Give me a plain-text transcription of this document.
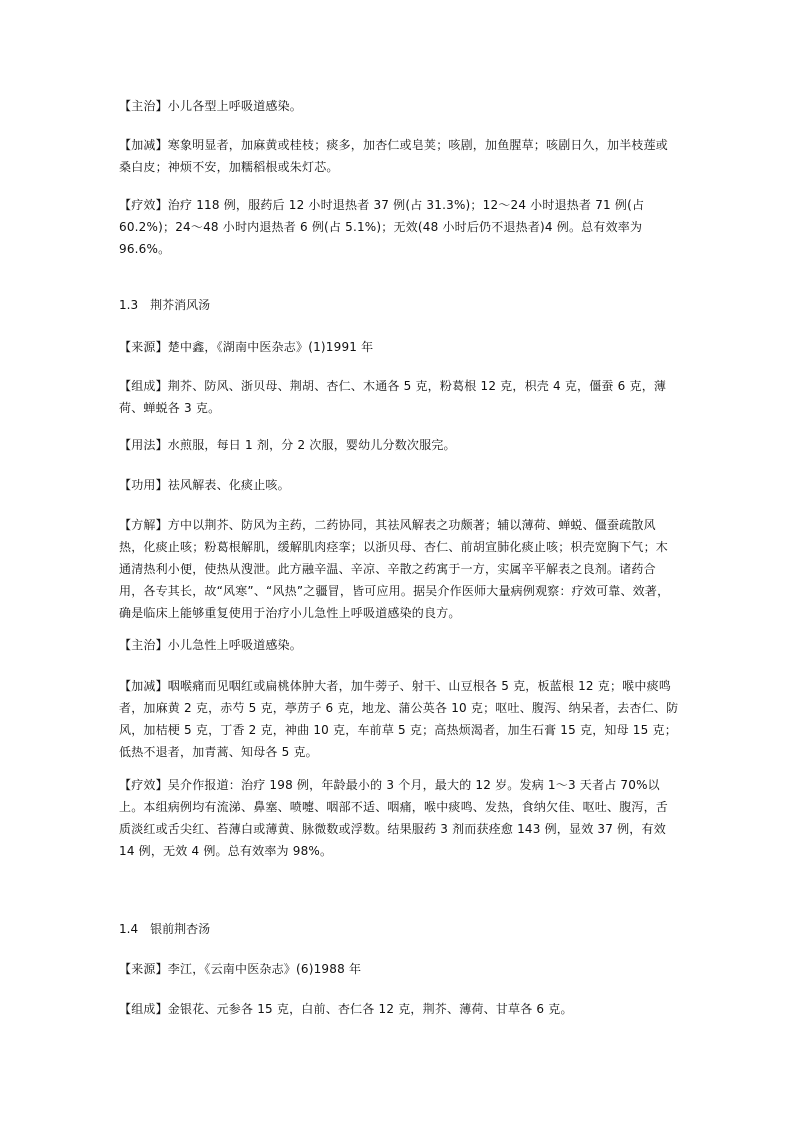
【主治】小儿各型上呼吸道感染。

【加减】寒象明显者，加麻黄或桂枝；痰多，加杏仁或皂荚；咳剧，加鱼腥草；咳剧日久，加半枝莲或桑白皮；神烦不安，加糯稻根或朱灯芯。

【疗效】治疗 118 例，服药后 12 小时退热者 37 例(占 31.3%)；12～24 小时退热者 71 例(占 60.2%)；24～48 小时内退热者 6 例(占 5.1%)；无效(48 小时后仍不退热者)4 例。总有效率为 96.6%。

1.3 荆芥消风汤

【来源】楚中鑫，《湖南中医杂志》(1)1991 年

【组成】荆芥、防风、浙贝母、荆胡、杏仁、木通各 5 克，粉葛根 12 克，枳壳 4 克，僵蚕 6 克，薄荷、蝉蜕各 3 克。

【用法】水煎服，每日 1 剂，分 2 次服，婴幼儿分数次服完。

【功用】祛风解表、化痰止咳。

【方解】方中以荆芥、防风为主药，二药协同，其祛风解表之功颇著；辅以薄荷、蝉蜕、僵蚕疏散风热，化痰止咳；粉葛根解肌，缓解肌肉痉挛；以浙贝母、杏仁、前胡宣肺化痰止咳；枳壳宽胸下气；木通清热利小便，使热从溲泄。此方融辛温、辛凉、辛散之药寓于一方，实属辛平解表之良剂。诸药合用，各专其长，故“风寒”、“风热”之疆冒，皆可应用。据吴介作医师大量病例观察：疗效可靠、效著，确是临床上能够重复使用于治疗小儿急性上呼吸道感染的良方。

【主治】小儿急性上呼吸道感染。

【加减】咽喉痛而见咽红或扁桃体肿大者，加牛蒡子、射干、山豆根各 5 克，板蓝根 12 克；喉中痰鸣者，加麻黄 2 克，赤芍 5 克，葶苈子 6 克，地龙、蒲公英各 10 克；呕吐、腹泻、纳呆者，去杏仁、防风，加桔梗 5 克，丁香 2 克，神曲 10 克，车前草 5 克；高热烦渴者，加生石膏 15 克，知母 15 克；低热不退者，加青蒿、知母各 5 克。

【疗效】吴介作报道：治疗 198 例，年龄最小的 3 个月，最大的 12 岁。发病 1～3 天者占 70%以上。本组病例均有流涕、鼻塞、喷嚏、咽部不适、咽痛，喉中痰鸣、发热，食纳欠佳、呕吐、腹泻，舌质淡红或舌尖红、苔薄白或薄黄、脉微数或浮数。结果服药 3 剂而获痊愈 143 例，显效 37 例，有效 14 例，无效 4 例。总有效率为 98%。

1.4 银前荆杏汤

【来源】李江，《云南中医杂志》(6)1988 年

【组成】金银花、元参各 15 克，白前、杏仁各 12 克，荆芥、薄荷、甘草各 6 克。
